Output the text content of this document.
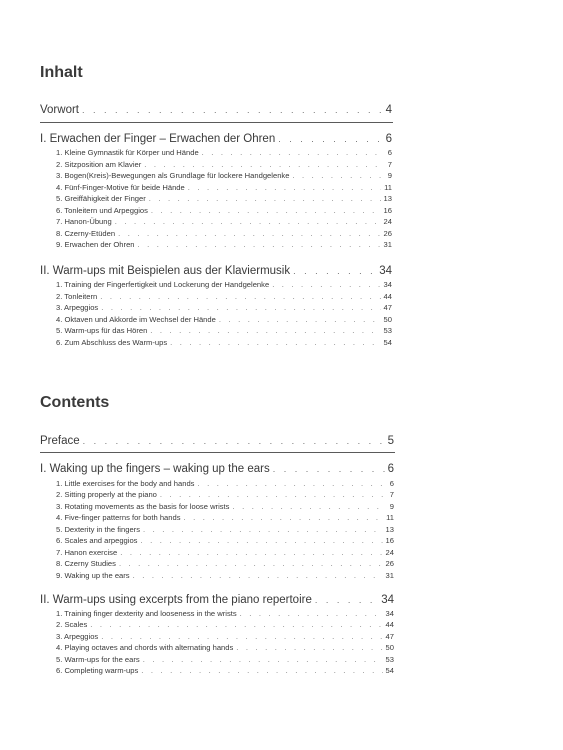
Inhalt
Vorwort . . .	4
I. Erwachen der Finger – Erwachen der Ohren . . .	6
1. Kleine Gymnastik für Körper und Hände . . .	6
2. Sitzposition am Klavier . . .	7
3. Bogen(Kreis)-Bewegungen als Grundlage für lockere Handgelenke . . .	9
4. Fünf-Finger-Motive für beide Hände . . .	11
5. Greiffähigkeit der Finger . . .	13
6. Tonleitern und Arpeggios . . .	16
7. Hanon-Übung . . .	24
8. Czerny-Etüden . . .	26
9. Erwachen der Ohren . . .	31
II. Warm-ups mit Beispielen aus der Klaviermusik . . .	34
1. Training der Fingerfertigkeit und Lockerung der Handgelenke . . .	34
2. Tonleitern . . .	44
3. Arpeggios . . .	47
4. Oktaven und Akkorde im Wechsel der Hände . . .	50
5. Warm-ups für das Hören . . .	53
6. Zum Abschluss des Warm-ups . . .	54
Contents
Preface . . .	5
I. Waking up the fingers – waking up the ears . . .	6
1. Little exercises for the body and hands . . .	6
2. Sitting properly at the piano . . .	7
3. Rotating movements as the basis for loose wrists . . .	9
4. Five-finger patterns for both hands . . .	11
5. Dexterity in the fingers . . .	13
6. Scales and arpeggios . . .	16
7. Hanon exercise . . .	24
8. Czerny Studies . . .	26
9. Waking up the ears . . .	31
II. Warm-ups using excerpts from the piano repertoire . . .	34
1. Training finger dexterity and looseness in the wrists . . .	34
2. Scales . . .	44
3. Arpeggios . . .	47
4. Playing octaves and chords with alternating hands . . .	50
5. Warm-ups for the ears . . .	53
6. Completing warm-ups . . .	54
